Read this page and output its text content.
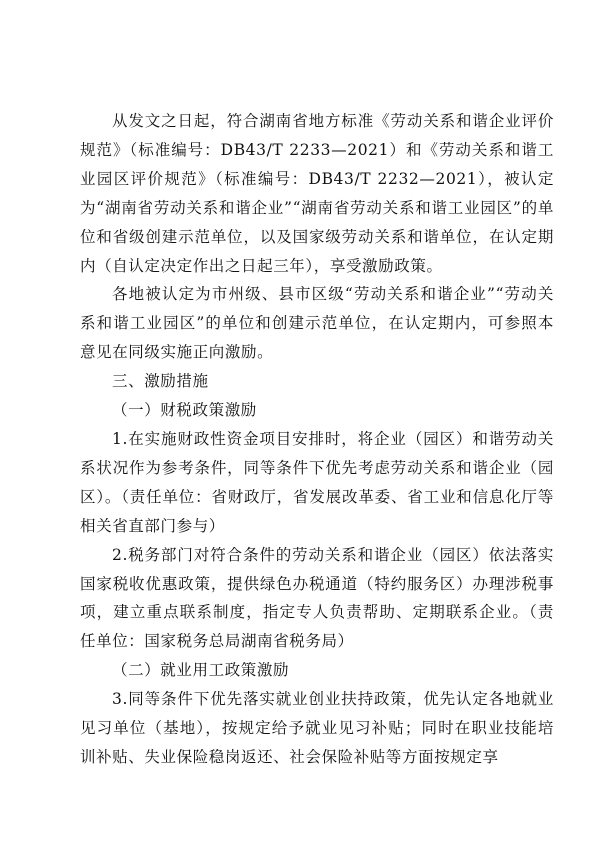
从发文之日起，符合湖南省地方标准《劳动关系和谐企业评价规范》（标准编号：DB43/T 2233—2021）和《劳动关系和谐工业园区评价规范》（标准编号：DB43/T 2232—2021），被认定为“湖南省劳动关系和谐企业”“湖南省劳动关系和谐工业园区”的单位和省级创建示范单位，以及国家级劳动关系和谐单位，在认定期内（自认定决定作出之日起三年），享受激励政策。

各地被认定为市州级、县市区级“劳动关系和谐企业”“劳动关系和谐工业园区”的单位和创建示范单位，在认定期内，可参照本意见在同级实施正向激励。

三、激励措施

（一）财税政策激励

1.在实施财政性资金项目安排时，将企业（园区）和谐劳动关系状况作为参考条件，同等条件下优先考虑劳动关系和谐企业（园区）。（责任单位：省财政厅，省发展改革委、省工业和信息化厅等相关省直部门参与）

2.税务部门对符合条件的劳动关系和谐企业（园区）依法落实国家税收优惠政策，提供绿色办税通道（特约服务区）办理涉税事项，建立重点联系制度，指定专人负责帮助、定期联系企业。（责任单位：国家税务总局湖南省税务局）

（二）就业用工政策激励

3.同等条件下优先落实就业创业扶持政策，优先认定各地就业见习单位（基地），按规定给予就业见习补贴；同时在职业技能培训补贴、失业保险稳岗返还、社会保险补贴等方面按规定享
